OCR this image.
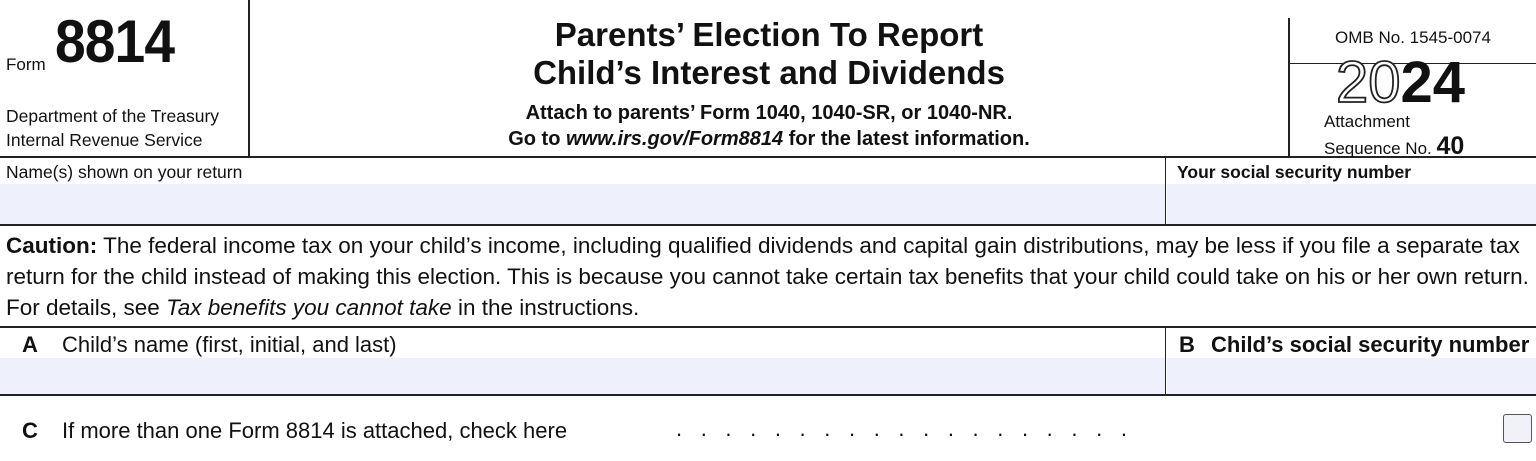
Form 8814
Department of the Treasury
Internal Revenue Service
Parents’ Election To Report
Child’s Interest and Dividends
Attach to parents’ Form 1040, 1040-SR, or 1040-NR.
Go to www.irs.gov/Form8814 for the latest information.
OMB No. 1545-0074
2024
Attachment
Sequence No. 40
Name(s) shown on your return	Your social security number
Caution: The federal income tax on your child’s income, including qualified dividends and capital gain distributions, may be less if you file a separate tax return for the child instead of making this election. This is because you cannot take certain tax benefits that your child could take on his or her own return. For details, see Tax benefits you cannot take in the instructions.
A Child’s name (first, initial, and last)	B Child’s social security number
C If more than one Form 8814 is attached, check here	...................
